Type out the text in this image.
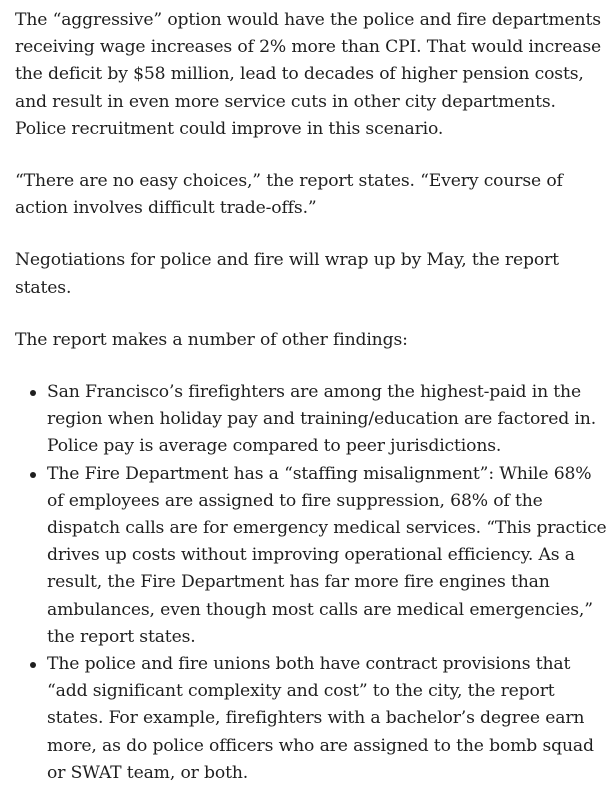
The “aggressive” option would have the police and fire departments receiving wage increases of 2% more than CPI. That would increase the deficit by $58 million, lead to decades of higher pension costs, and result in even more service cuts in other city departments. Police recruitment could improve in this scenario.

“There are no easy choices,” the report states. “Every course of action involves difficult trade-offs.”

Negotiations for police and fire will wrap up by May, the report states.

The report makes a number of other findings:

San Francisco’s firefighters are among the highest-paid in the region when holiday pay and training/education are factored in. Police pay is average compared to peer jurisdictions.
The Fire Department has a “staffing misalignment”: While 68% of employees are assigned to fire suppression, 68% of the dispatch calls are for emergency medical services. “This practice drives up costs without improving operational efficiency. As a result, the Fire Department has far more fire engines than ambulances, even though most calls are medical emergencies,” the report states.
The police and fire unions both have contract provisions that “add significant complexity and cost” to the city, the report states. For example, firefighters with a bachelor’s degree earn more, as do police officers who are assigned to the bomb squad or SWAT team, or both.
